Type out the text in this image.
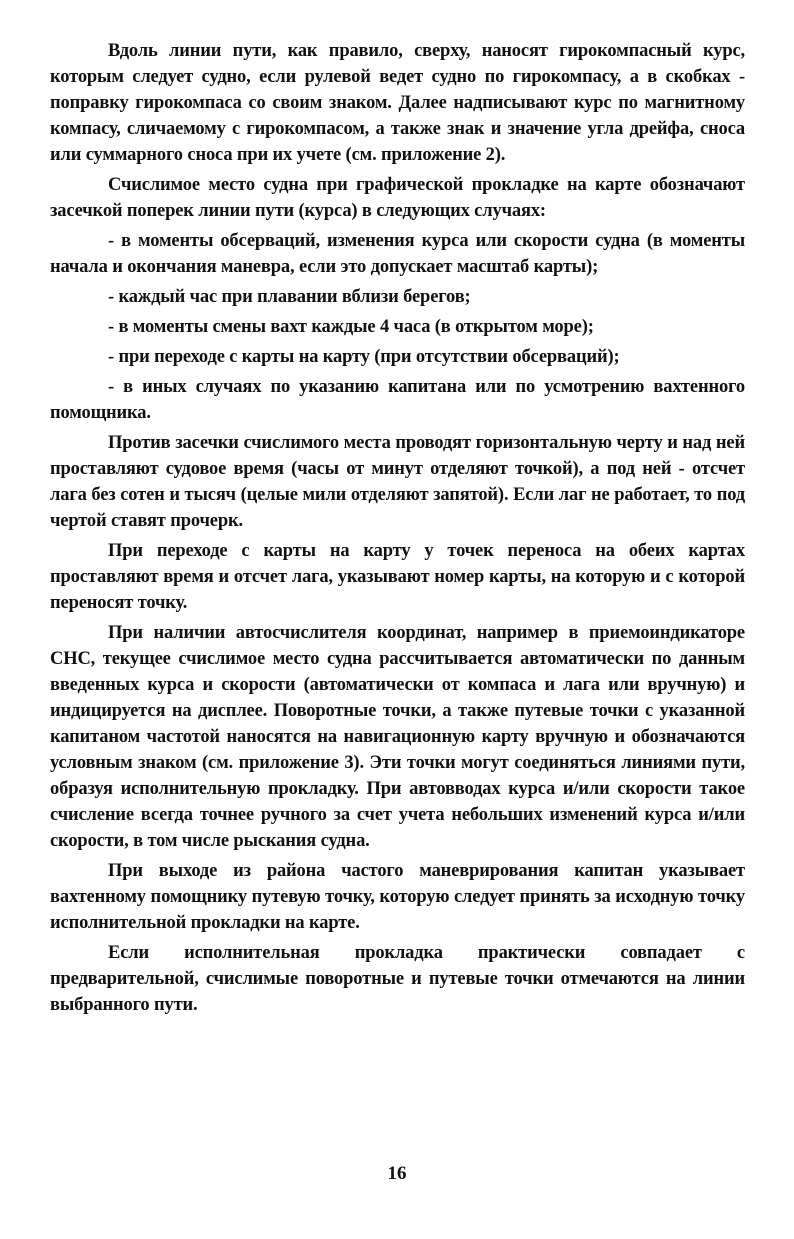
Вдоль линии пути, как правило, сверху, наносят гирокомпасный курс, которым следует судно, если рулевой ведет судно по гирокомпасу, а в скобках - поправку гирокомпаса со своим знаком. Далее надписывают курс по магнитному компасу, сличаемому с гирокомпасом, а также знак и значение угла дрейфа, сноса или суммарного сноса при их учете (см. приложение 2).

Счислимое место судна при графической прокладке на карте обозначают засечкой поперек линии пути (курса) в следующих случаях:

- в моменты обсерваций, изменения курса или скорости судна (в моменты начала и окончания маневра, если это допускает масштаб карты);

- каждый час при плавании вблизи берегов;

- в моменты смены вахт каждые 4 часа (в открытом море);

- при переходе с карты на карту (при отсутствии обсерваций);

- в иных случаях по указанию капитана или по усмотрению вахтенного помощника.

Против засечки счислимого места проводят горизонтальную черту и над ней проставляют судовое время (часы от минут отделяют точкой), а под ней - отсчет лага без сотен и тысяч (целые мили отделяют запятой). Если лаг не работает, то под чертой ставят прочерк.

При переходе с карты на карту у точек переноса на обеих картах проставляют время и отсчет лага, указывают номер карты, на которую и с которой переносят точку.

При наличии автосчислителя координат, например в приемоиндикаторе СНС, текущее счислимое место судна рассчитывается автоматически по данным введенных курса и скорости (автоматически от компаса и лага или вручную) и индицируется на дисплее. Поворотные точки, а также путевые точки с указанной капитаном частотой наносятся на навигационную карту вручную и обозначаются условным знаком (см. приложение 3). Эти точки могут соединяться линиями пути, образуя исполнительную прокладку. При автовводах курса и/или скорости такое счисление всегда точнее ручного за счет учета небольших изменений курса и/или скорости, в том числе рыскания судна.

При выходе из района частого маневрирования капитан указывает вахтенному помощнику путевую точку, которую следует принять за исходную точку исполнительной прокладки на карте.

Если исполнительная прокладка практически совпадает с предварительной, счислимые поворотные и путевые точки отмечаются на линии выбранного пути.

16
